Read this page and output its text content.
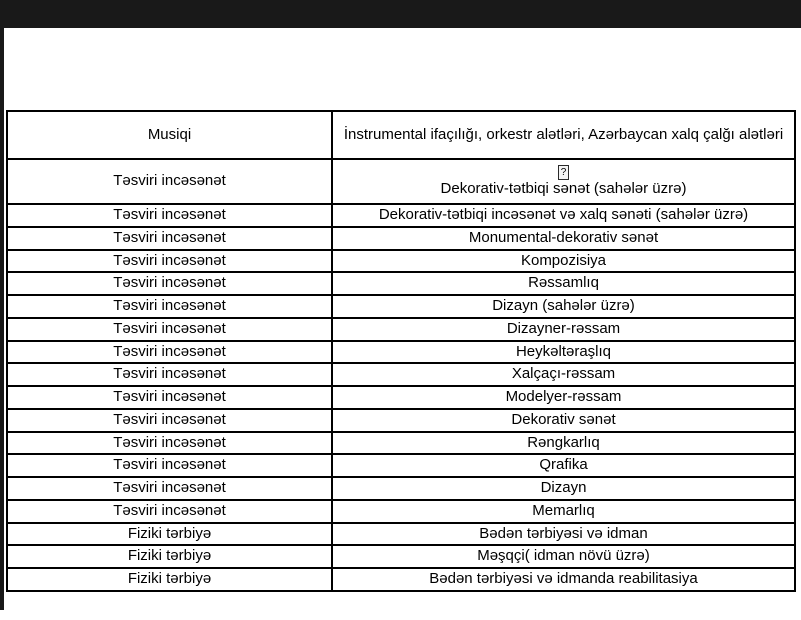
Musiqi	İnstrumental ifaçılığı, orkestr alətləri, Azərbaycan xalq çalğı alətləri
Təsviri incəsənət	?
Dekorativ-tətbiqi sənət (sahələr üzrə)
Təsviri incəsənət	Dekorativ-tətbiqi incəsənət və xalq sənəti (sahələr üzrə)
Təsviri incəsənət	Monumental-dekorativ sənət
Təsviri incəsənət	Kompozisiya
Təsviri incəsənət	Rəssamlıq
Təsviri incəsənət	Dizayn (sahələr üzrə)
Təsviri incəsənət	Dizayner-rəssam
Təsviri incəsənət	Heykəltəraşlıq
Təsviri incəsənət	Xalçaçı-rəssam
Təsviri incəsənət	Modelyer-rəssam
Təsviri incəsənət	Dekorativ sənət
Təsviri incəsənət	Rəngkarlıq
Təsviri incəsənət	Qrafika
Təsviri incəsənət	Dizayn
Təsviri incəsənət	Memarlıq
Fiziki tərbiyə	Bədən tərbiyəsi və idman
Fiziki tərbiyə	Məşqçi( idman növü üzrə)
Fiziki tərbiyə	Bədən tərbiyəsi və idmanda reabilitasiya
